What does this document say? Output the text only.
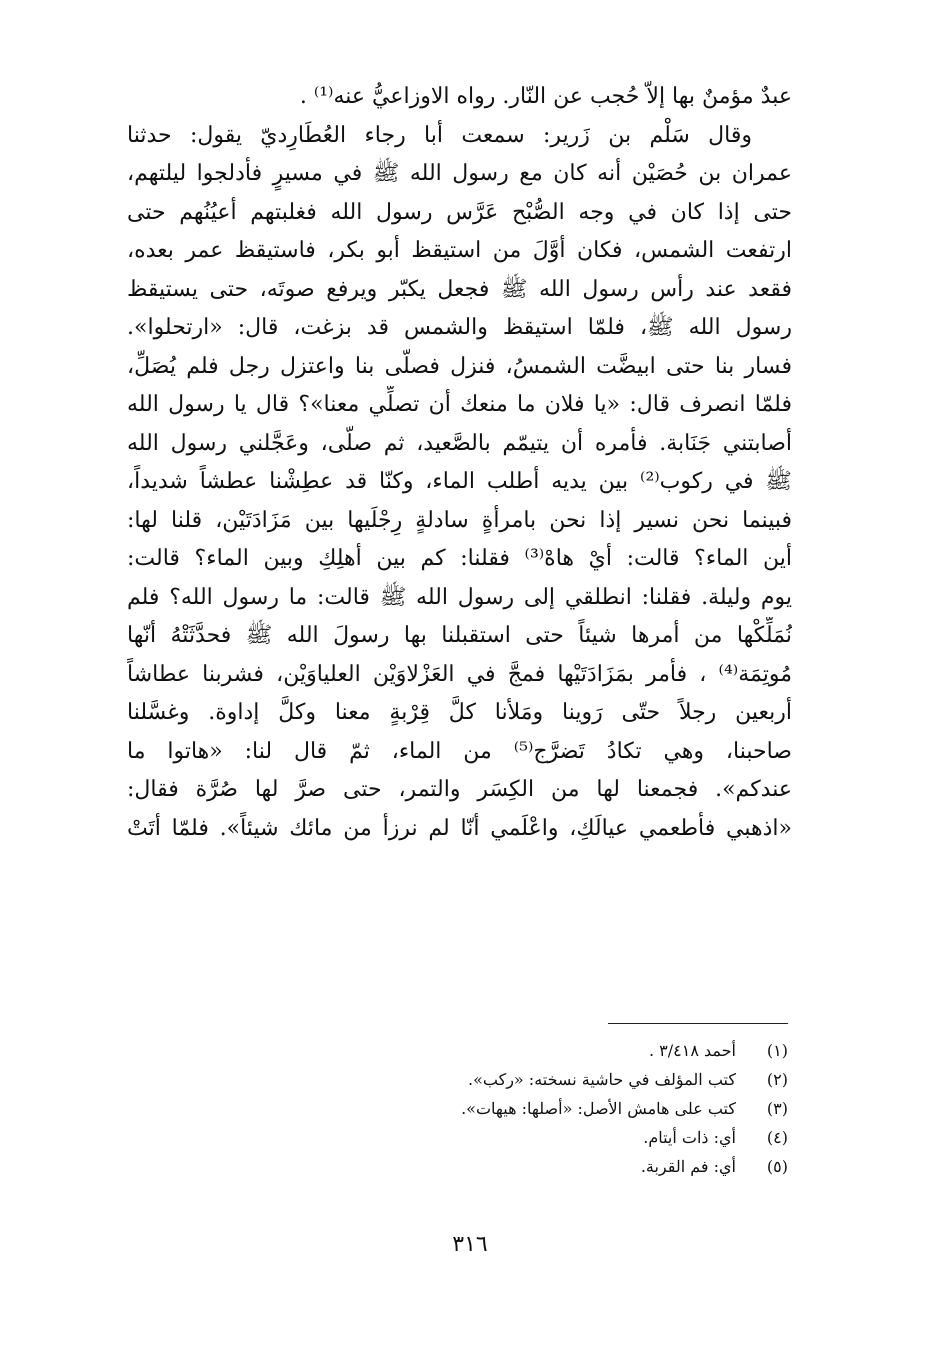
عبدٌ مؤمنٌ بها إلاّ حُجب عن النّار. رواه الاوزاعيُّ عنه⁽¹⁾ .
وقال سَلْم بن زَرير: سمعت أبا رجاء العُطَارِديّ يقول: حدثنا
عمران بن حُصَيْن أنه كان مع رسول الله ﷺ في مسيرٍ فأدلجوا ليلتهم،
حتى إذا كان في وجه الصُّبْح عَرَّس رسول الله فغلبتهم أعيُنُهم حتى
ارتفعت الشمس، فكان أوَّلَ من استيقظ أبو بكر، فاستيقظ عمر بعده،
فقعد عند رأس رسول الله ﷺ فجعل يكبّر ويرفع صوتَه، حتى يستيقظ
رسول الله ﷺ، فلمّا استيقظ والشمس قد بزغت، قال: «ارتحلوا».
فسار بنا حتى ابيضَّت الشمسُ، فنزل فصلّى بنا واعتزل رجل فلم يُصَلِّ،
فلمّا انصرف قال: «يا فلان ما منعك أن تصلِّي معنا»؟ قال يا رسول الله
أصابتني جَنَابة. فأمره أن يتيمّم بالصَّعيد، ثم صلّى، وعَجَّلني رسول الله
ﷺ في ركوب⁽²⁾ بين يديه أطلب الماء، وكنّا قد عطِشْنا عطشاً شديداً،
فبينما نحن نسير إذا نحن بامرأةٍ سادلةٍ رِجْلَيها بين مَزَادَتَيْن، قلنا لها:
أين الماء؟ قالت: أيْ هاهْ⁽³⁾ فقلنا: كم بين أهلِكِ وبين الماء؟ قالت:
يوم وليلة. فقلنا: انطلقي إلى رسول الله ﷺ قالت: ما رسول الله؟ فلم
نُمَلِّكْها من أمرها شيئاً حتى استقبلنا بها رسولَ الله ﷺ فحدَّثَتْهُ أنّها
مُوتِمَة⁽⁴⁾ ، فأمر بمَزَادَتَيْها فمجَّ في العَزْلاوَيْن العلياوَيْن، فشربنا عطاشاً
أربعين رجلاً حتّى رَوينا ومَلأنا كلَّ قِرْبةٍ معنا وكلَّ إداوة. وغسَّلنا
صاحبنا، وهي تكادُ تَضرَّج⁽⁵⁾ من الماء، ثمّ قال لنا: «هاتوا ما
عندكم». فجمعنا لها من الكِسَر والتمر، حتى صرَّ لها صُرَّة فقال:
«اذهبي فأطعمي عيالَكِ، واعْلَمي أنّا لم نرزأ من مائك شيئاً». فلمّا أتَتْ
(١)
أحمد ٣/٤١٨ .
(٢)
كتب المؤلف في حاشية نسخته: «ركب».
(٣)
كتب على هامش الأصل: «أصلها: هيهات».
(٤)
أي: ذات أيتام.
(٥)
أي: فم القربة.
٣١٦
